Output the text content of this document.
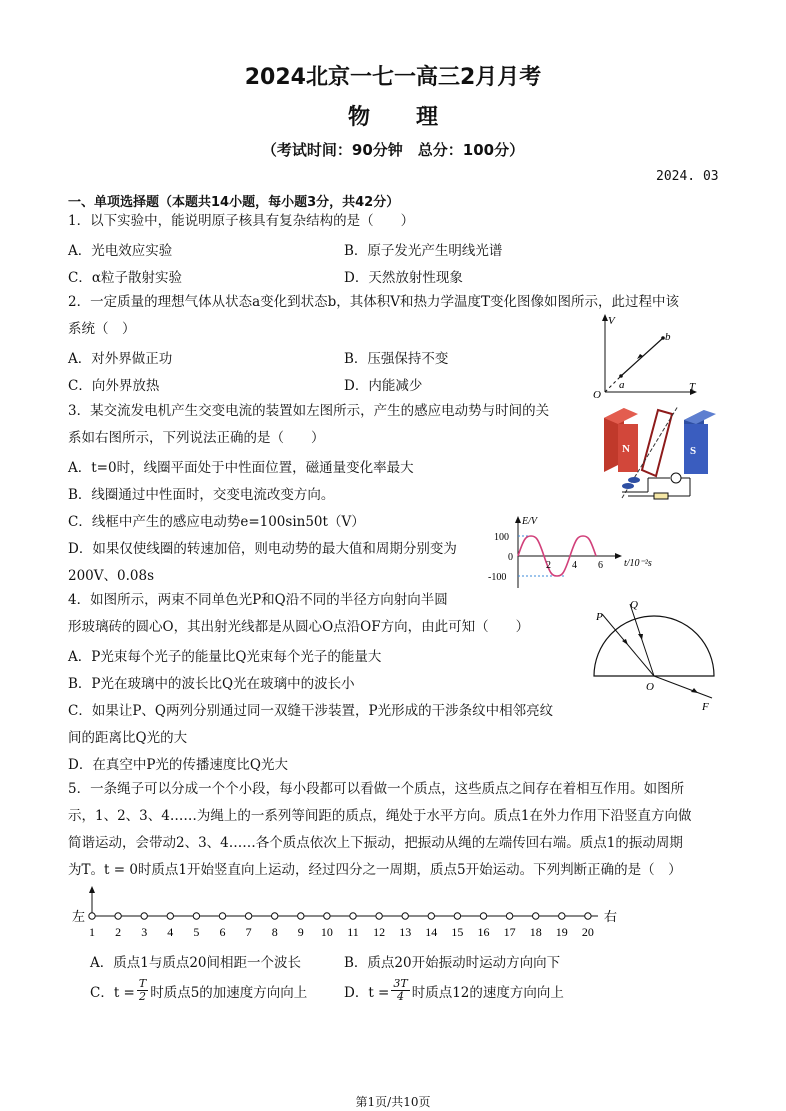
2024北京一七一高三2月月考
物理
（考试时间：90分钟　总分：100分）
2024. 03
一、单项选择题（本题共14小题，每小题3分，共42分）
1．以下实验中，能说明原子核具有复杂结构的是（　　）
A．光电效应实验	B．原子发光产生明线光谱
C．α粒子散射实验	D．天然放射性现象
2．一定质量的理想气体从状态a变化到状态b，其体积V和热力学温度T变化图像如图所示，此过程中该
系统（　）
A．对外界做正功	B．压强保持不变
C．向外界放热	D．内能减少
V
T
O
a
b
3．某交流发电机产生交变电流的装置如左图所示，产生的感应电动势与时间的关
系如右图所示，下列说法正确的是（　　）
A．t=0时，线圈平面处于中性面位置，磁通量变化率最大
B．线圈通过中性面时，交变电流改变方向。
C．线框中产生的感应电动势e=100sin50t（V）
D．如果仅使线圈的转速加倍，则电动势的最大值和周期分别变为
200V、0.08s
N	S
E/V
t/10⁻²s
100
0
-100
2 4 6
4．如图所示，两束不同单色光P和Q沿不同的半径方向射向半圆
形玻璃砖的圆心O，其出射光线都是从圆心O点沿OF方向，由此可知（　　）
A．P光束每个光子的能量比Q光束每个光子的能量大
B．P光在玻璃中的波长比Q光在玻璃中的波长小
C．如果让P、Q两列分别通过同一双缝干涉装置，P光形成的干涉条纹中相邻亮纹
间的距离比Q光的大
D．在真空中P光的传播速度比Q光大
P
Q
O
F
5．一条绳子可以分成一个个小段，每小段都可以看做一个质点，这些质点之间存在着相互作用。如图所
示，1、2、3、4……为绳上的一系列等间距的质点，绳处于水平方向。质点1在外力作用下沿竖直方向做
简谐运动，会带动2、3、4……各个质点依次上下振动，把振动从绳的左端传回右端。质点1的振动周期
为T。t = 0时质点1开始竖直向上运动，经过四分之一周期，质点5开始运动。下列判断正确的是（　）
左	右
1 2 3 4 5 6 7 8 9 10 11 12 13 14 15 16 17 18 19 20
A．质点1与质点20间相距一个波长	B．质点20开始振动时运动方向向下
C．$t = \frac{T}{2}$ 时质点5的加速度方向向上	D．$t = \frac{3T}{4}$ 时质点12的速度方向向上
第1页/共10页
